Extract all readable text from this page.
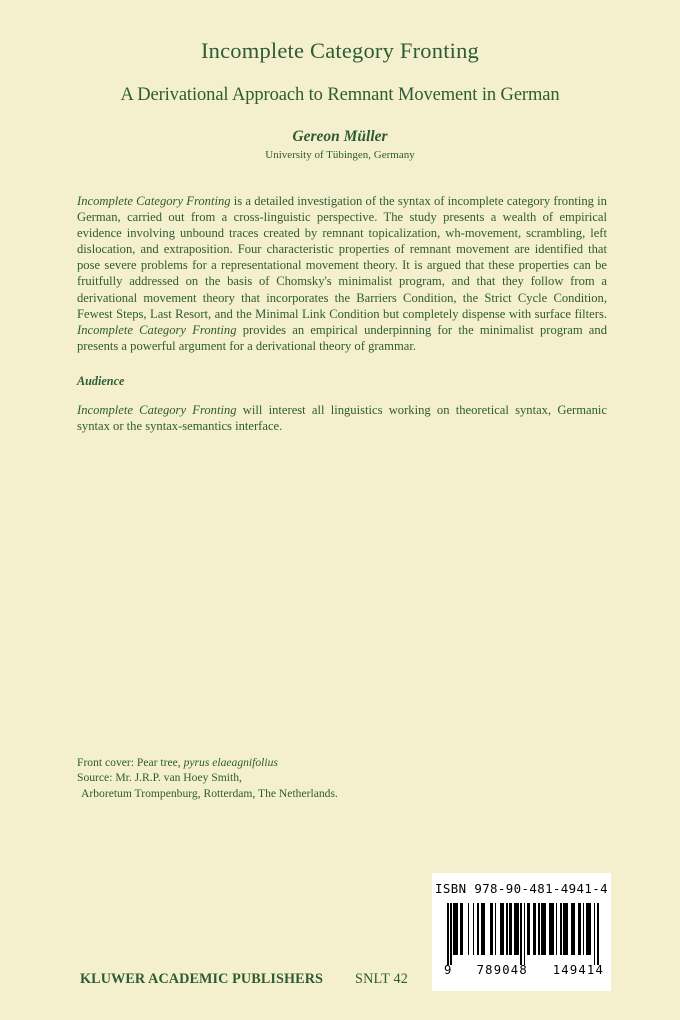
Incomplete Category Fronting
A Derivational Approach to Remnant Movement in German
Gereon Müller
University of Tübingen, Germany

Incomplete Category Fronting is a detailed investigation of the syntax of incomplete category fronting in German, carried out from a cross-linguistic perspective. The study presents a wealth of empirical evidence involving unbound traces created by remnant topicalization, wh-movement, scrambling, left dislocation, and extraposition. Four characteristic properties of remnant movement are identified that pose severe problems for a representational movement theory. It is argued that these properties can be fruitfully addressed on the basis of Chomsky's minimalist program, and that they follow from a derivational movement theory that incorporates the Barriers Condition, the Strict Cycle Condition, Fewest Steps, Last Resort, and the Minimal Link Condition but completely dispense with surface filters. Incomplete Category Fronting provides an empirical underpinning for the minimalist program and presents a powerful argument for a derivational theory of grammar.

Audience

Incomplete Category Fronting will interest all linguistics working on theoretical syntax, Germanic syntax or the syntax-semantics interface.

Front cover: Pear tree, pyrus elaeagnifolius
Source: Mr. J.R.P. van Hoey Smith,
Arboretum Trompenburg, Rotterdam, The Netherlands.
KLUWER ACADEMIC PUBLISHERS SNLT 42
ISBN 978-90-481-4941-4
9 789048 149414
